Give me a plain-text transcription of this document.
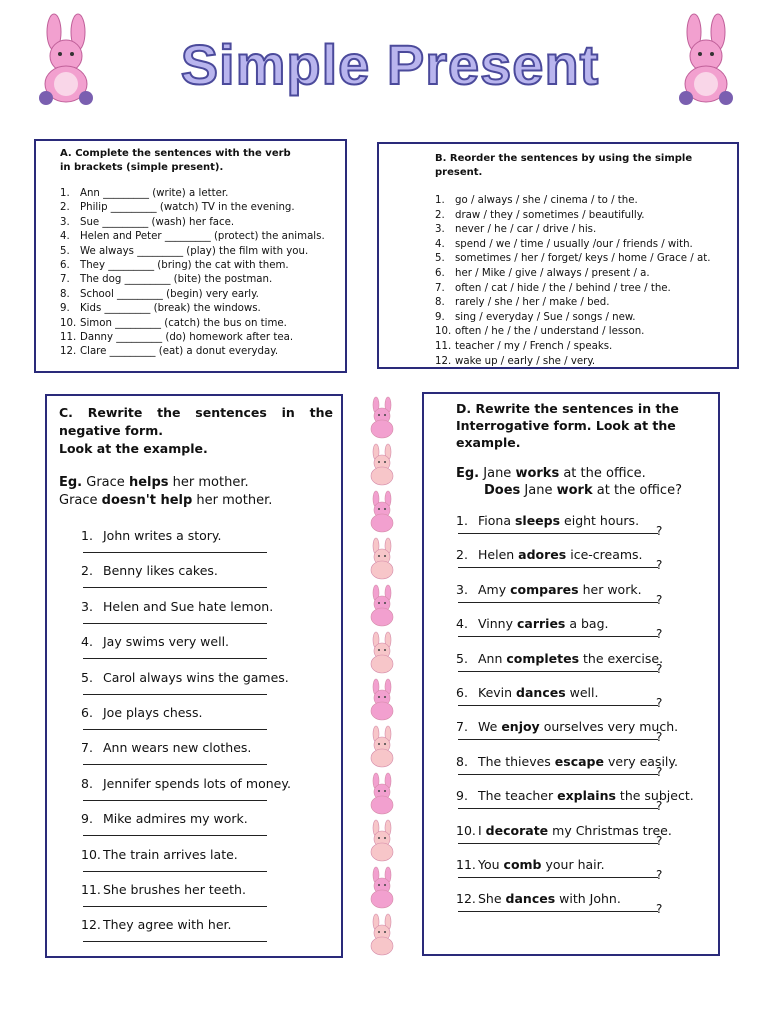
Simple Present
A. Complete the sentences with the verb
in brackets (simple present).
1. Ann _________ (write) a letter.
2. Philip _________ (watch) TV in the evening.
3. Sue _________ (wash) her face.
4. Helen and Peter _________ (protect) the animals.
5. We always _________ (play) the film with you.
6. They _________ (bring) the cat with them.
7. The dog _________ (bite) the postman.
8. School _________ (begin) very early.
9. Kids _________ (break) the windows.
10. Simon _________ (catch) the bus on time.
11. Danny _________ (do) homework after tea.
12. Clare _________ (eat) a donut everyday.
B. Reorder the sentences by using the simple present.
1. go / always / she / cinema / to / the.
2. draw / they / sometimes / beautifully.
3. never / he / car / drive / his.
4. spend / we / time / usually /our / friends / with.
5. sometimes / her / forget/ keys / home / Grace / at.
6. her / Mike / give / always / present / a.
7. often / cat / hide / the / behind / tree / the.
8. rarely / she / her / make / bed.
9. sing / everyday / Sue / songs / new.
10. often / he / the / understand / lesson.
11. teacher / my / French / speaks.
12. wake up / early / she / very.
C. Rewrite the sentences in the
negative form.
Look at the example.
Eg. Grace helps her mother.
Grace doesn't help her mother.
1. John writes a story.
2. Benny likes cakes.
3. Helen and Sue hate lemon.
4. Jay swims very well.
5. Carol always wins the games.
6. Joe plays chess.
7. Ann wears new clothes.
8. Jennifer spends lots of money.
9. Mike admires my work.
10. The train arrives late.
11. She brushes her teeth.
12. They agree with her.
D. Rewrite the sentences in the
Interrogative form. Look at the
example.
Eg. Jane works at the office.
Does Jane work at the office?
1. Fiona sleeps eight hours.
?
2. Helen adores ice-creams.
?
3. Amy compares her work.
?
4. Vinny carries a bag.
?
5. Ann completes the exercise.
?
6. Kevin dances well.
?
7. We enjoy ourselves very much.
?
8. The thieves escape very easily.
?
9. The teacher explains the subject.
?
10. I decorate my Christmas tree.
?
11. You comb your hair.
?
12. She dances with John.
?
